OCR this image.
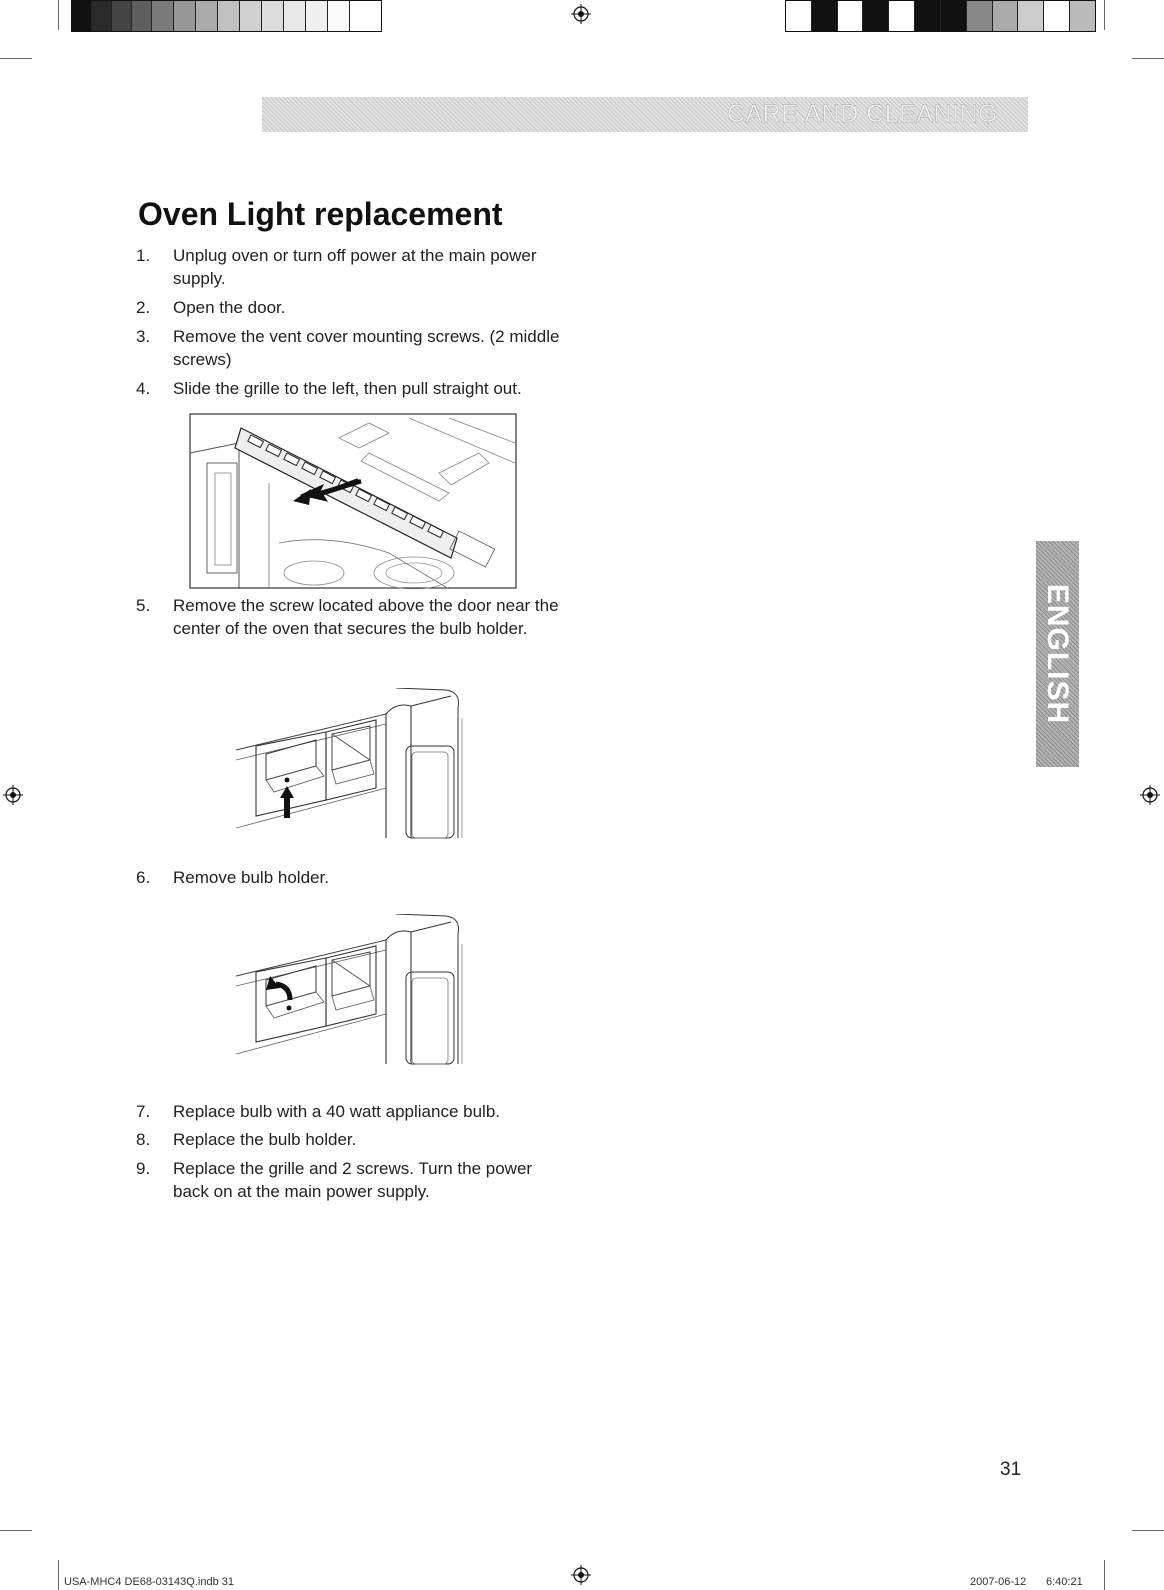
CARE AND CLEANING
ENGLISH
Oven Light replacement
1.	Unplug oven or turn off power at the main power supply.
2.	Open the door.
3.	Remove the vent cover mounting screws. (2 middle screws)
4.	Slide the grille to the left, then pull straight out.
5.	Remove the screw located above the door near the center of the oven that secures the bulb holder.
6.	Remove bulb holder.
7.	Replace bulb with a 40 watt appliance bulb.
8.	Replace the bulb holder.
9.	Replace the grille and 2 screws. Turn the power back on at the main power supply.
31
USA-MHC4 DE68-03143Q.indb 31	2007-06-12 6:40:21
